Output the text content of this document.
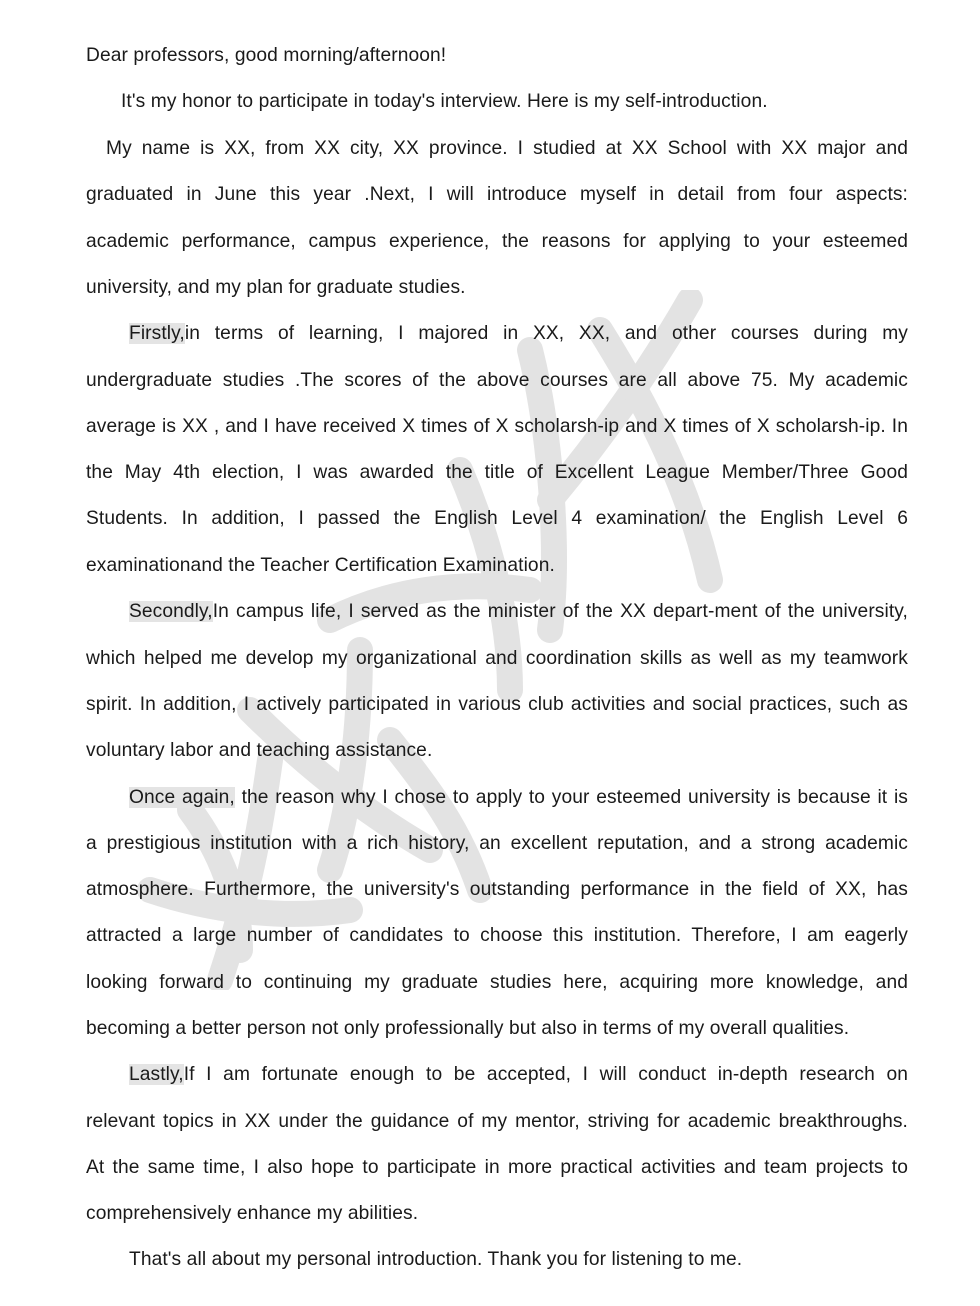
Dear professors, good morning/afternoon!
It's my honor to participate in today's interview. Here is my self-introduction.
My name is XX, from XX city, XX province. I studied at XX School with XX major and
graduated in June this year .Next, I will introduce myself in detail from four aspects:
academic performance, campus experience, the reasons for applying to your esteemed
university, and my plan for graduate studies.
Firstly,in terms of learning, I majored in XX, XX, and other courses during my
undergraduate studies .The scores of the above courses are all above 75. My academic
average is XX , and I have received X times of X scholarsh-ip and X times of X scholarsh-ip. In
the May 4th election, I was awarded the title of Excellent League Member/Three Good
Students. In addition, I passed the English Level 4 examination/ the English Level 6
examinationand the Teacher Certification Examination.
Secondly,In campus life, I served as the minister of the XX depart-ment of the university,
which helped me develop my organizational and coordination skills as well as my teamwork
spirit. In addition, I actively participated in various club activities and social practices, such as
voluntary labor and teaching assistance.
Once again, the reason why I chose to apply to your esteemed university is because it is
a prestigious institution with a rich history, an excellent reputation, and a strong academic
atmosphere. Furthermore, the university's outstanding performance in the field of XX, has
attracted a large number of candidates to choose this institution. Therefore, I am eagerly
looking forward to continuing my graduate studies here, acquiring more knowledge, and
becoming a better person not only professionally but also in terms of my overall qualities.
Lastly,If I am fortunate enough to be accepted, I will conduct in-depth research on
relevant topics in XX under the guidance of my mentor, striving for academic breakthroughs.
At the same time, I also hope to participate in more practical activities and team projects to
comprehensively enhance my abilities.
That's all about my personal introduction. Thank you for listening to me.
